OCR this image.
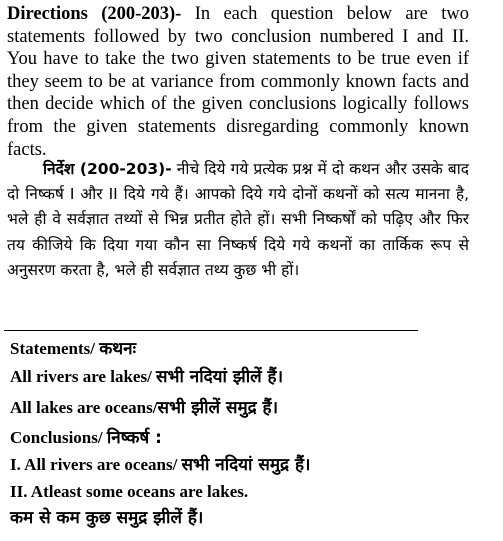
Directions (200-203)- In each question below are two statements followed by two conclusion numbered I and II. You have to take the two given statements to be true even if they seem to be at variance from commonly known facts and then decide which of the given conclusions logically follows from the given statements disregarding commonly known facts.
निर्देश (200-203)- नीचे दिये गये प्रत्येक प्रश्न में दो कथन और उसके बाद दो निष्कर्ष I और II दिये गये हैं। आपको दिये गये दोनों कथनों को सत्य मानना है, भले ही वे सर्वज्ञात तथ्यों से भिन्न प्रतीत होते हों। सभी निष्कर्षों को पढ़िए और फिर तय कीजिये कि दिया गया कौन सा निष्कर्ष दिये गये कथनों का तार्किक रूप से अनुसरण करता है, भले ही सर्वज्ञात तथ्य कुछ भी हों।
Statements/ कथनः
All rivers are lakes/ सभी नदियां झीलें हैं।
All lakes are oceans/सभी झीलें समुद्र हैं।
Conclusions/ निष्कर्ष :
I. All rivers are oceans/ सभी नदियां समुद्र हैं।
II. Atleast some oceans are lakes.
कम से कम कुछ समुद्र झीलें हैं।
